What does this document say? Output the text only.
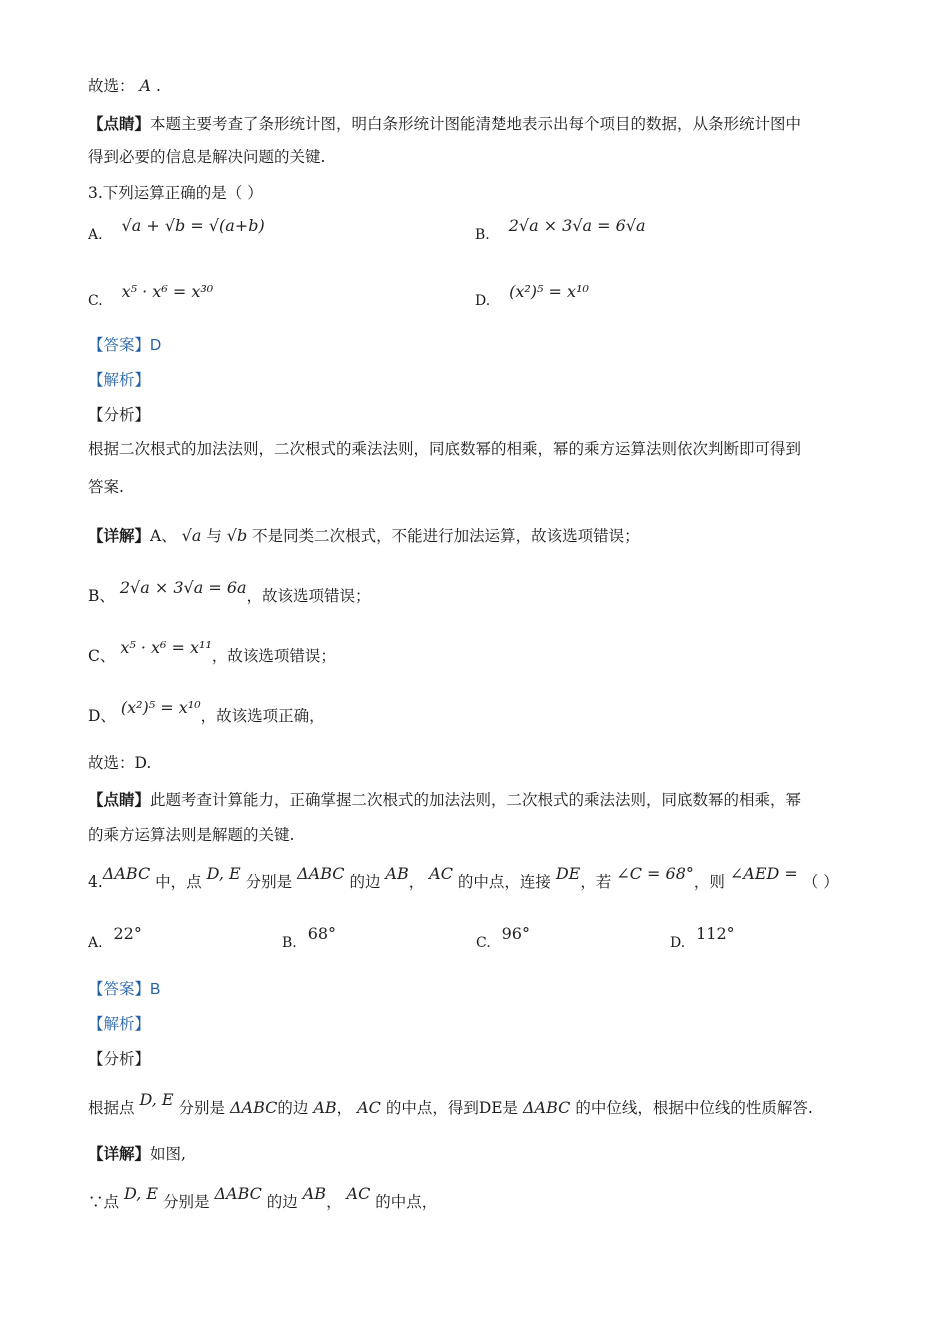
故选： A .
【点睛】本题主要考查了条形统计图，明白条形统计图能清楚地表示出每个项目的数据，从条形统计图中
得到必要的信息是解决问题的关键.
3.下列运算正确的是（ ）
A. √a + √b = √(a+b)	B. 2√a × 3√a = 6√a
C. x⁵ · x⁶ = x³⁰	D. (x²)⁵ = x¹⁰
【答案】D
【解析】
【分析】
根据二次根式的加法法则，二次根式的乘法法则，同底数幂的相乘，幂的乘方运算法则依次判断即可得到
答案.
【详解】A、 √a 与 √b 不是同类二次根式，不能进行加法运算，故该选项错误；
B、 2√a × 3√a = 6a，故该选项错误；
C、 x⁵ · x⁶ = x¹¹，故该选项错误；
D、 (x²)⁵ = x¹⁰，故该选项正确，
故选：D.
【点睛】此题考查计算能力，正确掌握二次根式的加法法则，二次根式的乘法法则，同底数幂的相乘，幂
的乘方运算法则是解题的关键.
4.ΔABC 中，点 D, E 分别是 ΔABC 的边 AB， AC 的中点，连接 DE，若 ∠C = 68°，则 ∠AED = （ ）
A. 22°	B. 68°	C. 96°	D. 112°
【答案】B
【解析】
【分析】
根据点 D, E 分别是 ΔABC的边 AB， AC 的中点，得到DE是 ΔABC 的中位线，根据中位线的性质解答.
【详解】如图,
∵点 D, E 分别是 ΔABC 的边 AB， AC 的中点，
